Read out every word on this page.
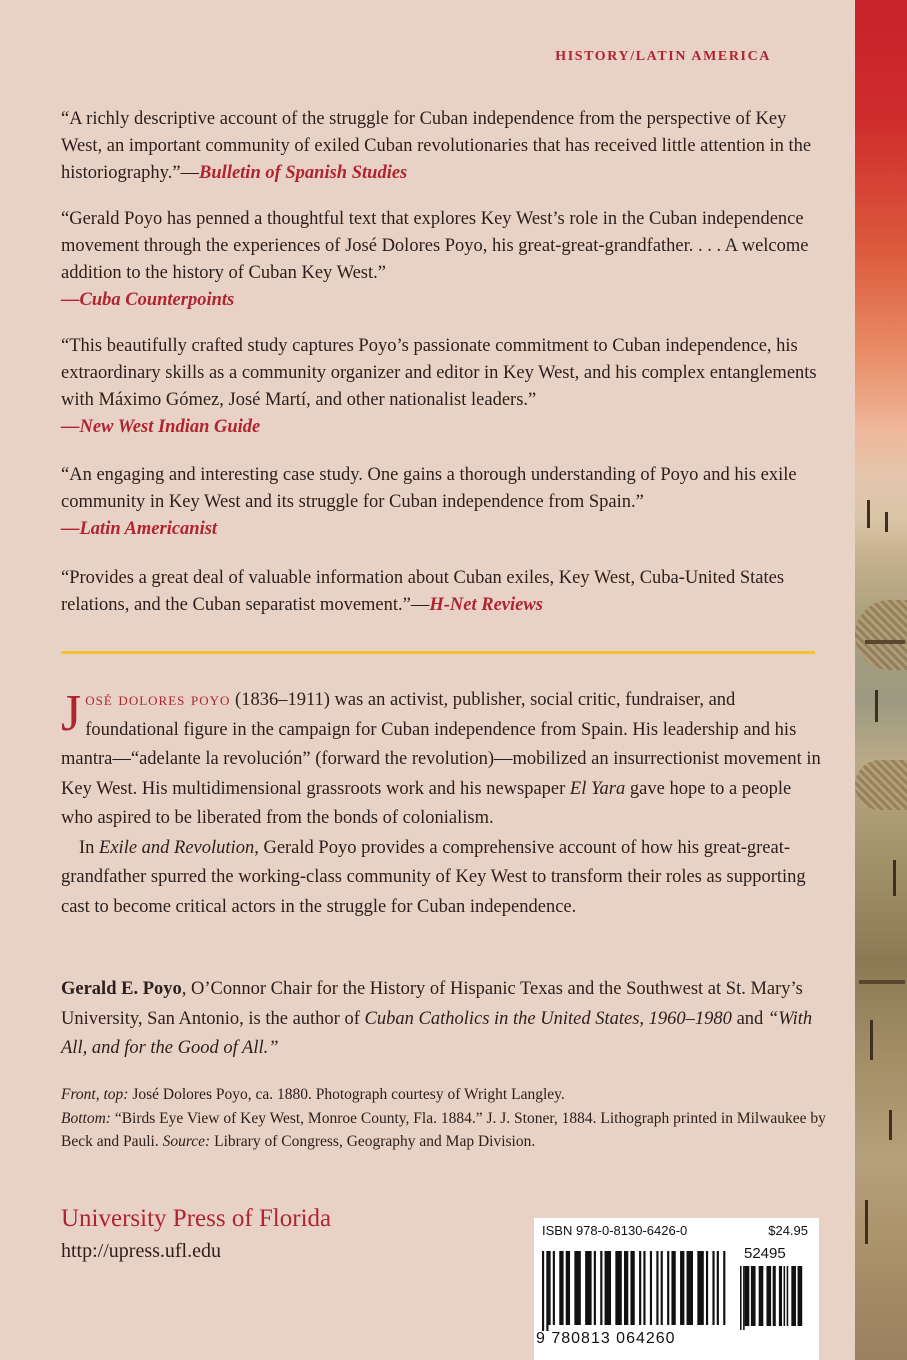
HISTORY/LATIN AMERICA
“A richly descriptive account of the struggle for Cuban independence from the perspective of Key West, an important community of exiled Cuban revolutionaries that has received little attention in the historiography.”—Bulletin of Spanish Studies
“Gerald Poyo has penned a thoughtful text that explores Key West’s role in the Cuban independence movement through the experiences of José Dolores Poyo, his great-great-grandfather. . . . A welcome addition to the history of Cuban Key West.”
—Cuba Counterpoints
“This beautifully crafted study captures Poyo’s passionate commitment to Cuban independence, his extraordinary skills as a community organizer and editor in Key West, and his complex entanglements with Máximo Gómez, José Martí, and other nationalist leaders.”
—New West Indian Guide
“An engaging and interesting case study. One gains a thorough understanding of Poyo and his exile community in Key West and its struggle for Cuban independence from Spain.”
—Latin Americanist
“Provides a great deal of valuable information about Cuban exiles, Key West, Cuba-United States relations, and the Cuban separatist movement.”—H-Net Reviews

José dolores poyo (1836–1911) was an activist, publisher, social critic, fundraiser, and foundational figure in the campaign for Cuban independence from Spain. His leadership and his mantra—“adelante la revolución” (forward the revolution)—mobilized an insurrectionist movement in Key West. His multidimensional grassroots work and his newspaper El Yara gave hope to a people who aspired to be liberated from the bonds of colonialism.

In Exile and Revolution, Gerald Poyo provides a comprehensive account of how his great-great-grandfather spurred the working-class community of Key West to transform their roles as supporting cast to become critical actors in the struggle for Cuban independence.

Gerald E. Poyo, O’Connor Chair for the History of Hispanic Texas and the Southwest at St. Mary’s University, San Antonio, is the author of Cuban Catholics in the United States, 1960–1980 and “With All, and for the Good of All.”

Front, top: José Dolores Poyo, ca. 1880. Photograph courtesy of Wright Langley.

Bottom: “Birds Eye View of Key West, Monroe County, Fla. 1884.” J. J. Stoner, 1884. Lithograph printed in Milwaukee by Beck and Pauli. Source: Library of Congress, Geography and Map Division.

University Press of Florida
http://upress.ufl.edu
ISBN 978-0-8130-6426-0	$24.95
52495
9 780813 064260
